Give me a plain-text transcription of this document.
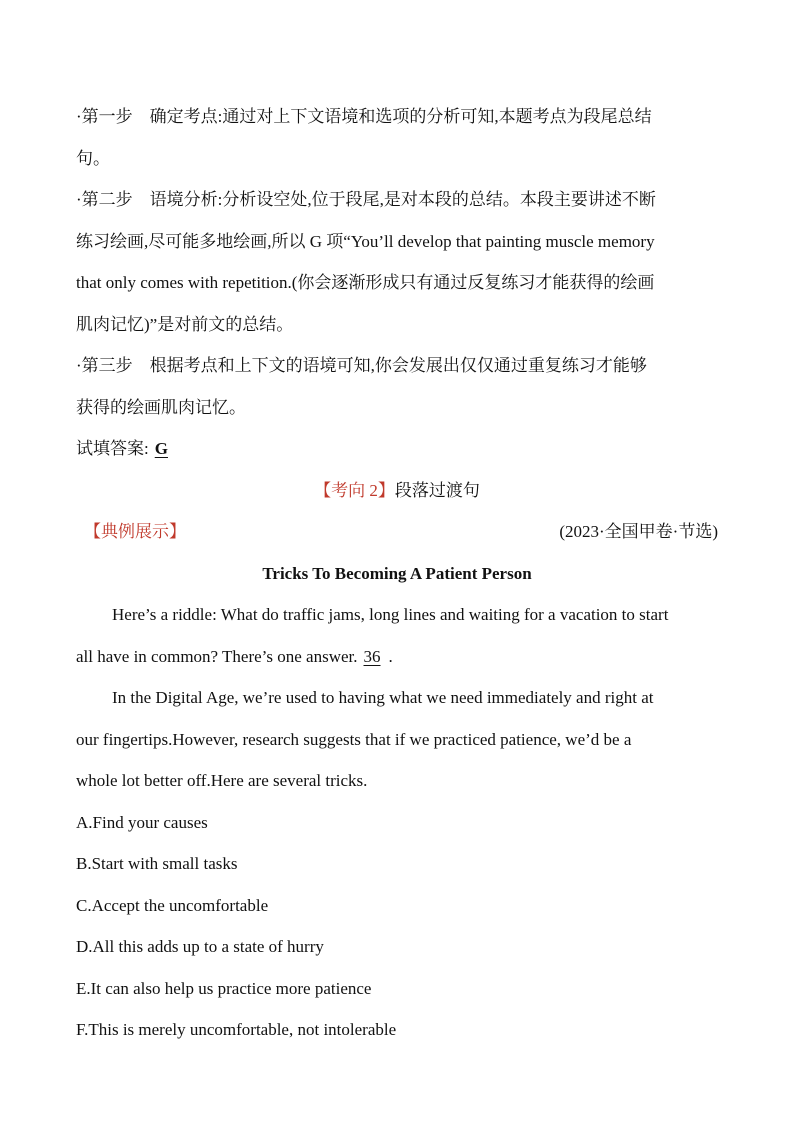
·第一步　确定考点:通过对上下文语境和选项的分析可知,本题考点为段尾总结
句。
·第二步　语境分析:分析设空处,位于段尾,是对本段的总结。本段主要讲述不断
练习绘画,尽可能多地绘画,所以 G 项“You’ll develop that painting muscle memory
that only comes with repetition.(你会逐渐形成只有通过反复练习才能获得的绘画
肌肉记忆)”是对前文的总结。
·第三步　根据考点和上下文的语境可知,你会发展出仅仅通过重复练习才能够
获得的绘画肌肉记忆。
试填答案: G
【考向 2】段落过渡句
【典例展示】	(2023·全国甲卷·节选)
Tricks To Becoming A Patient Person
Here’s a riddle: What do traffic jams, long lines and waiting for a vacation to start
all have in common? There’s one answer. 36 .
In the Digital Age, we’re used to having what we need immediately and right at
our fingertips.However, research suggests that if we practiced patience, we’d be a
whole lot better off.Here are several tricks.
A.Find your causes
B.Start with small tasks
C.Accept the uncomfortable
D.All this adds up to a state of hurry
E.It can also help us practice more patience
F.This is merely uncomfortable, not intolerable
